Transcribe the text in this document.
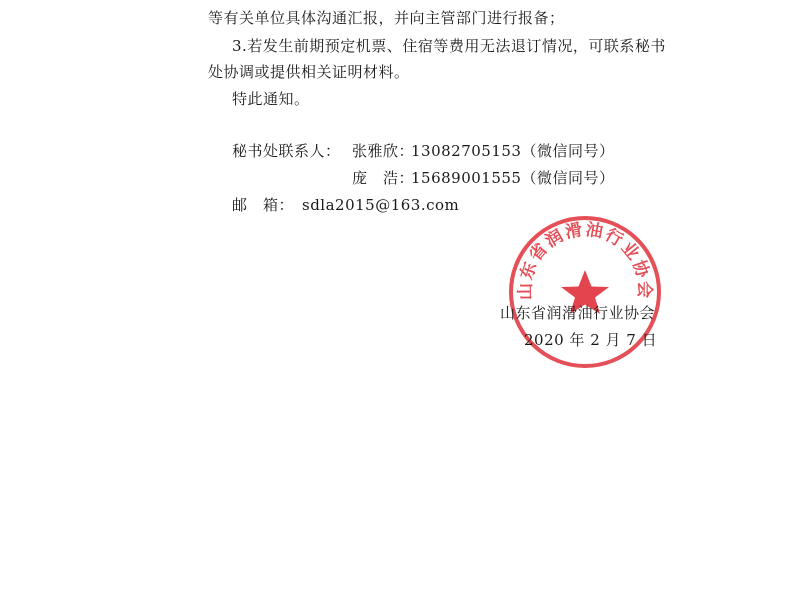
等有关单位具体沟通汇报，并向主管部门进行报备；
3.若发生前期预定机票、住宿等费用无法退订情况，可联系秘书
处协调或提供相关证明材料。
特此通知。
秘书处联系人： 张雅欣：
13082705153（微信同号）
庞　浩：
15689001555（微信同号）
邮　箱： sdla2015@163.com
山东省润滑油行业协会
山东省润滑油行业协会
2020 年 2 月 7 日
